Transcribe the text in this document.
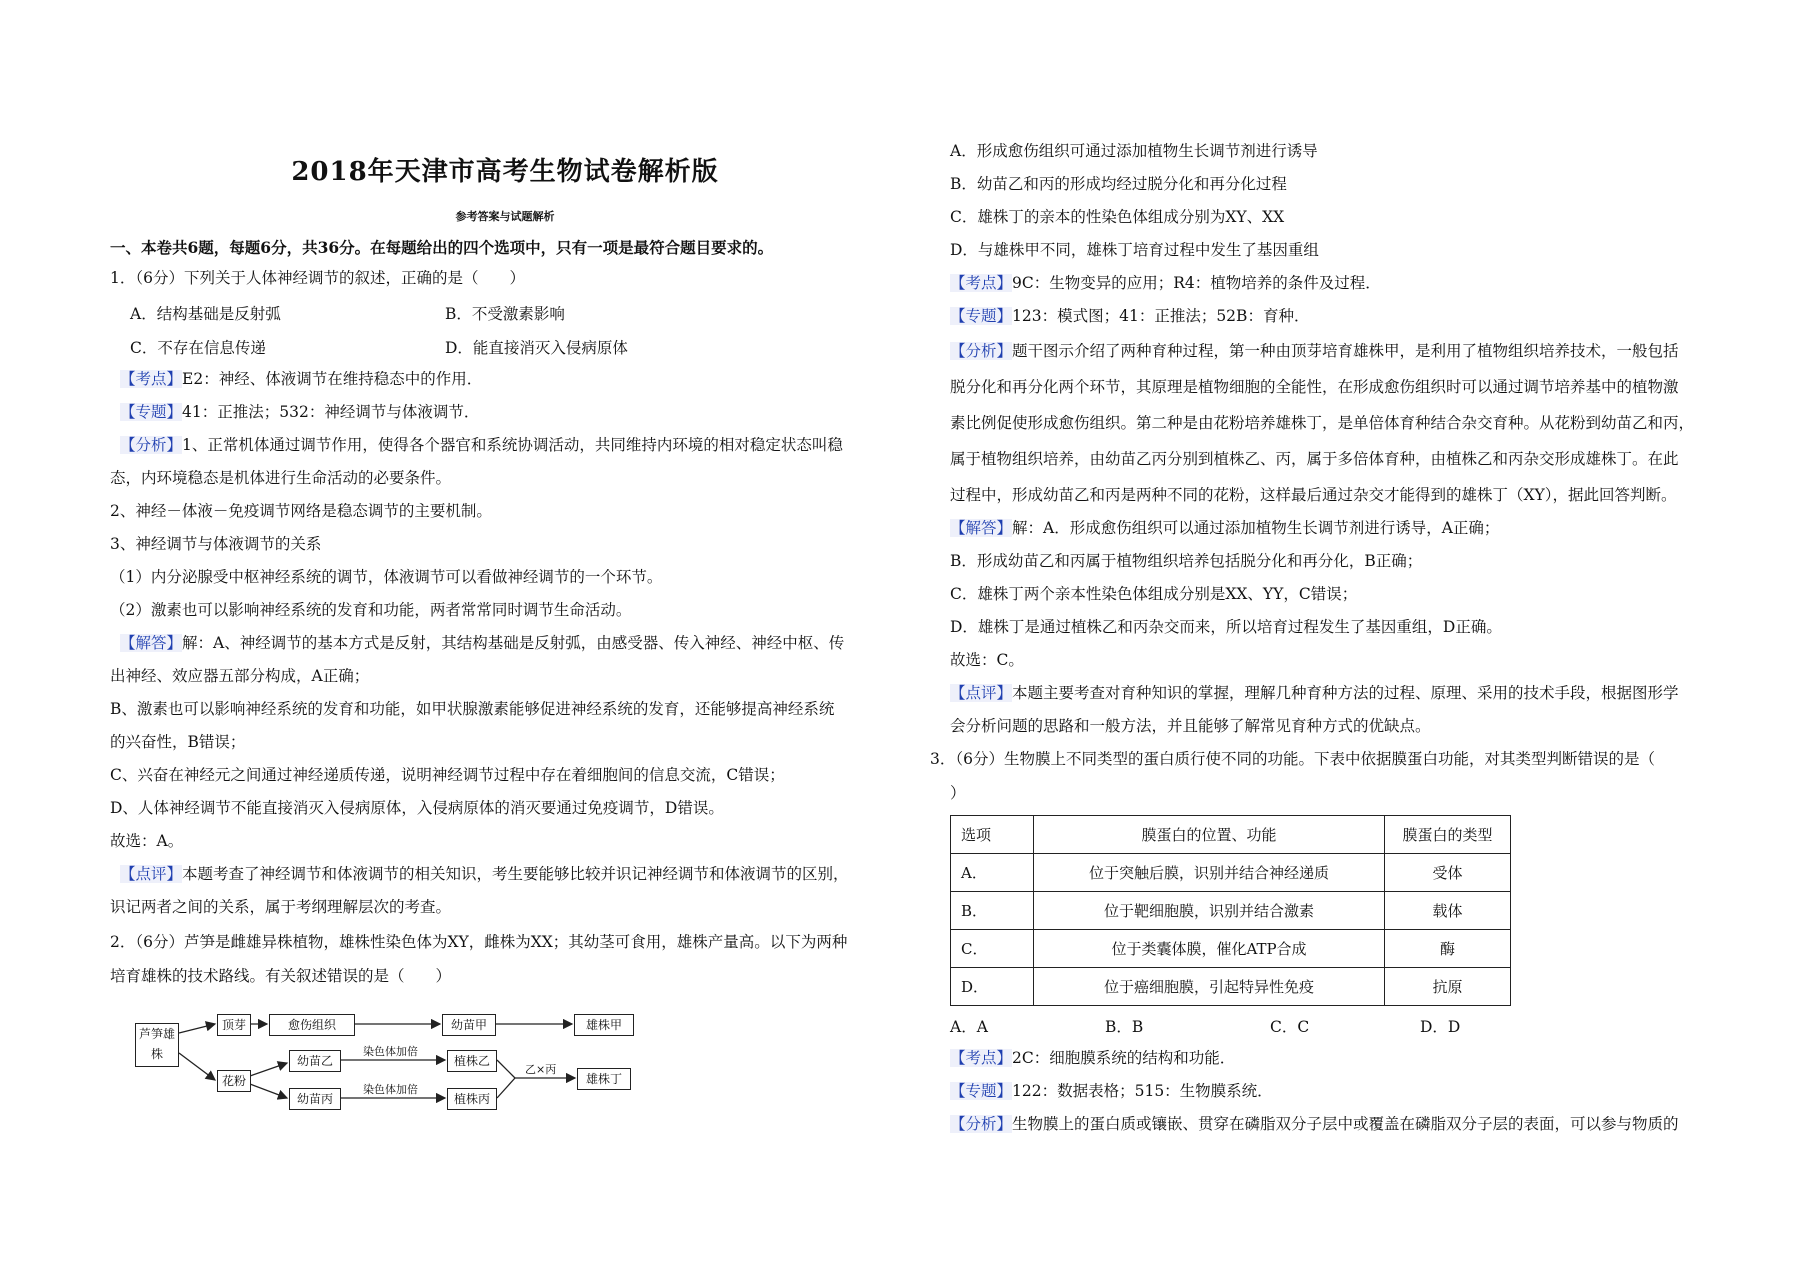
2018年天津市高考生物试卷解析版
参考答案与试题解析
一、本卷共6题，每题6分，共36分。在每题给出的四个选项中，只有一项是最符合题目要求的。
1．（6分）下列关于人体神经调节的叙述，正确的是（　　）
A．结构基础是反射弧	B．不受激素影响
C．不存在信息传递	D．能直接消灭入侵病原体
【考点】E2：神经、体液调节在维持稳态中的作用．
【专题】41：正推法；532：神经调节与体液调节．
【分析】1、正常机体通过调节作用，使得各个器官和系统协调活动，共同维持内环境的相对稳定状态叫稳
态，内环境稳态是机体进行生命活动的必要条件。
2、神经－体液－免疫调节网络是稳态调节的主要机制。
3、神经调节与体液调节的关系
（1）内分泌腺受中枢神经系统的调节，体液调节可以看做神经调节的一个环节。
（2）激素也可以影响神经系统的发育和功能，两者常常同时调节生命活动。
【解答】解：A、神经调节的基本方式是反射，其结构基础是反射弧，由感受器、传入神经、神经中枢、传
出神经、效应器五部分构成，A正确；
B、激素也可以影响神经系统的发育和功能，如甲状腺激素能够促进神经系统的发育，还能够提高神经系统
的兴奋性，B错误；
C、兴奋在神经元之间通过神经递质传递，说明神经调节过程中存在着细胞间的信息交流，C错误；
D、人体神经调节不能直接消灭入侵病原体，入侵病原体的消灭要通过免疫调节，D错误。
故选：A。
【点评】本题考查了神经调节和体液调节的相关知识，考生要能够比较并识记神经调节和体液调节的区别，
识记两者之间的关系，属于考纲理解层次的考查。
2．（6分）芦笋是雌雄异株植物，雄株性染色体为XY，雌株为XX；其幼茎可食用，雄株产量高。以下为两种
培育雄株的技术路线。有关叙述错误的是（　　）
芦笋雄株
顶芽	愈伤组织	幼苗甲	雄株甲
花粉
幼苗乙
幼苗丙
染色体加倍
染色体加倍
植株乙
植株丙
乙×丙
雄株丁
A．形成愈伤组织可通过添加植物生长调节剂进行诱导
B．幼苗乙和丙的形成均经过脱分化和再分化过程
C．雄株丁的亲本的性染色体组成分别为XY、XX
D．与雄株甲不同，雄株丁培育过程中发生了基因重组
【考点】9C：生物变异的应用；R4：植物培养的条件及过程．
【专题】123：模式图；41：正推法；52B：育种．
【分析】题干图示介绍了两种育种过程，第一种由顶芽培育雄株甲，是利用了植物组织培养技术，一般包括
脱分化和再分化两个环节，其原理是植物细胞的全能性，在形成愈伤组织时可以通过调节培养基中的植物激
素比例促使形成愈伤组织。第二种是由花粉培养雄株丁，是单倍体育种结合杂交育种。从花粉到幼苗乙和丙，
属于植物组织培养，由幼苗乙丙分别到植株乙、丙，属于多倍体育种，由植株乙和丙杂交形成雄株丁。在此
过程中，形成幼苗乙和丙是两种不同的花粉，这样最后通过杂交才能得到的雄株丁（XY），据此回答判断。
【解答】解：A．形成愈伤组织可以通过添加植物生长调节剂进行诱导，A正确；
B．形成幼苗乙和丙属于植物组织培养包括脱分化和再分化，B正确；
C．雄株丁两个亲本性染色体组成分别是XX、YY，C错误；
D．雄株丁是通过植株乙和丙杂交而来，所以培育过程发生了基因重组，D正确。
故选：C。
【点评】本题主要考查对育种知识的掌握，理解几种育种方法的过程、原理、采用的技术手段，根据图形学
会分析问题的思路和一般方法，并且能够了解常见育种方式的优缺点。
3．（6分）生物膜上不同类型的蛋白质行使不同的功能。下表中依据膜蛋白功能，对其类型判断错误的是（
）
A．A	B．B	C．C	D．D
【考点】2C：细胞膜系统的结构和功能．
【专题】122：数据表格；515：生物膜系统．
【分析】生物膜上的蛋白质或镶嵌、贯穿在磷脂双分子层中或覆盖在磷脂双分子层的表面，可以参与物质的
选项	膜蛋白的位置、功能	膜蛋白的类型
A．	位于突触后膜，识别并结合神经递质	受体
B．	位于靶细胞膜，识别并结合激素	载体
C．	位于类囊体膜，催化ATP合成	酶
D．	位于癌细胞膜，引起特异性免疫	抗原
